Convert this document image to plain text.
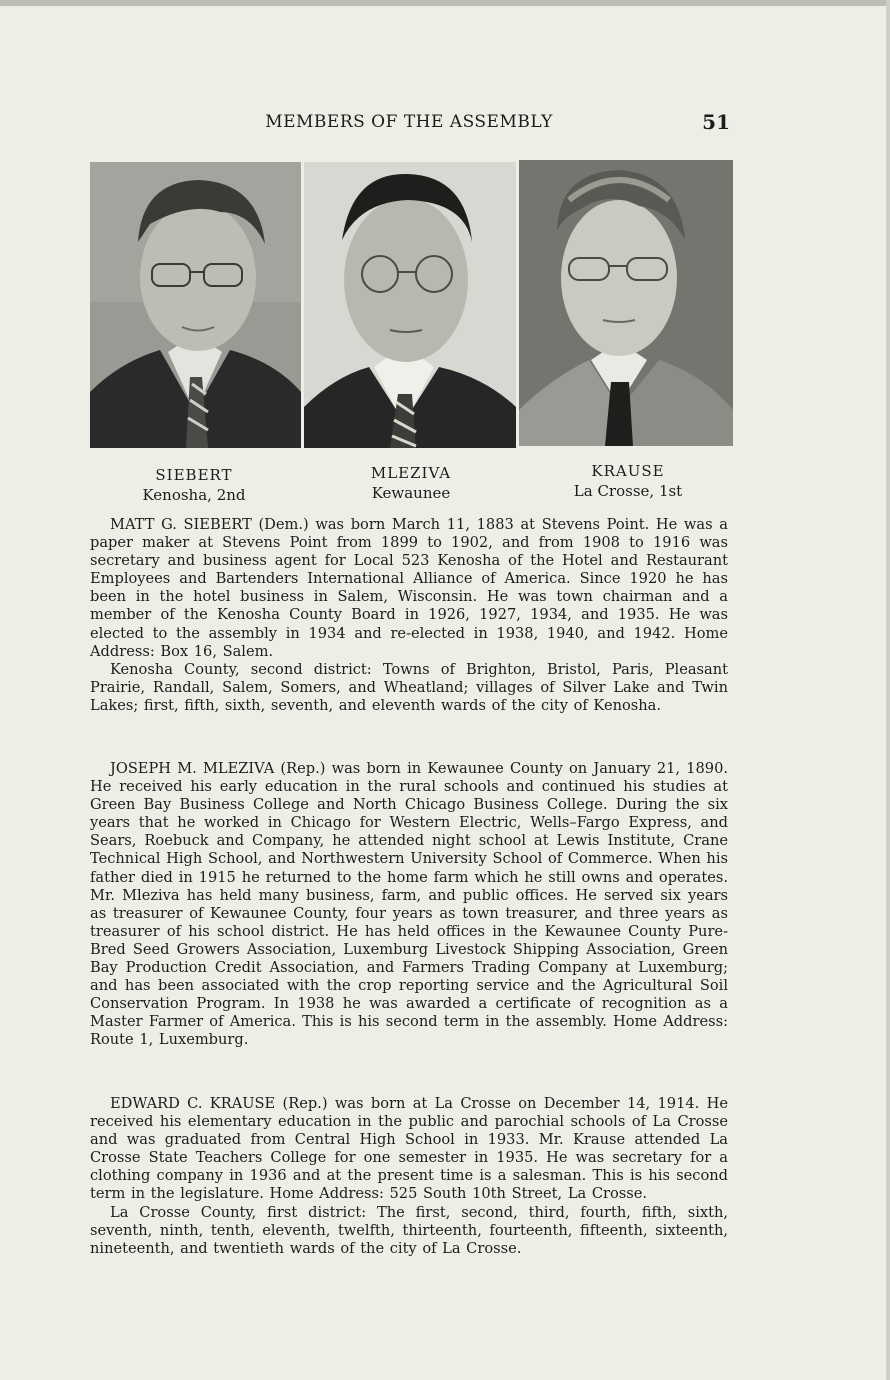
MEMBERS OF THE ASSEMBLY	51
SIEBERT
Kenosha, 2nd
MLEZIVA
Kewaunee
KRAUSE
La Crosse, 1st

MATT G. SIEBERT (Dem.) was born March 11, 1883 at Stevens Point. He was a paper maker at Stevens Point from 1899 to 1902, and from 1908 to 1916 was secretary and business agent for Local 523 Kenosha of the Hotel and Restaurant Employees and Bartenders International Alliance of America. Since 1920 he has been in the hotel business in Salem, Wisconsin. He was town chairman and a member of the Kenosha County Board in 1926, 1927, 1934, and 1935. He was elected to the assembly in 1934 and re-elected in 1938, 1940, and 1942. Home Address: Box 16, Salem.

Kenosha County, second district: Towns of Brighton, Bristol, Paris, Pleasant Prairie, Randall, Salem, Somers, and Wheatland; villages of Silver Lake and Twin Lakes; first, fifth, sixth, seventh, and eleventh wards of the city of Kenosha.

JOSEPH M. MLEZIVA (Rep.) was born in Kewaunee County on January 21, 1890. He received his early education in the rural schools and continued his studies at Green Bay Business College and North Chicago Business College. During the six years that he worked in Chicago for Western Electric, Wells–Fargo Express, and Sears, Roebuck and Company, he attended night school at Lewis Institute, Crane Technical High School, and Northwestern University School of Commerce. When his father died in 1915 he returned to the home farm which he still owns and operates. Mr. Mleziva has held many business, farm, and public offices. He served six years as treasurer of Kewaunee County, four years as town treasurer, and three years as treasurer of his school district. He has held offices in the Kewaunee County Pure-Bred Seed Growers Association, Luxemburg Livestock Shipping Association, Green Bay Production Credit Association, and Farmers Trading Company at Luxemburg; and has been associated with the crop reporting service and the Agricultural Soil Conservation Program. In 1938 he was awarded a certificate of recognition as a Master Farmer of America. This is his second term in the assembly. Home Address: Route 1, Luxemburg.

EDWARD C. KRAUSE (Rep.) was born at La Crosse on December 14, 1914. He received his elementary education in the public and parochial schools of La Crosse and was graduated from Central High School in 1933. Mr. Krause attended La Crosse State Teachers College for one semester in 1935. He was secretary for a clothing company in 1936 and at the present time is a salesman. This is his second term in the legislature. Home Address: 525 South 10th Street, La Crosse.

La Crosse County, first district: The first, second, third, fourth, fifth, sixth, seventh, ninth, tenth, eleventh, twelfth, thirteenth, fourteenth, fifteenth, sixteenth, nineteenth, and twentieth wards of the city of La Crosse.
